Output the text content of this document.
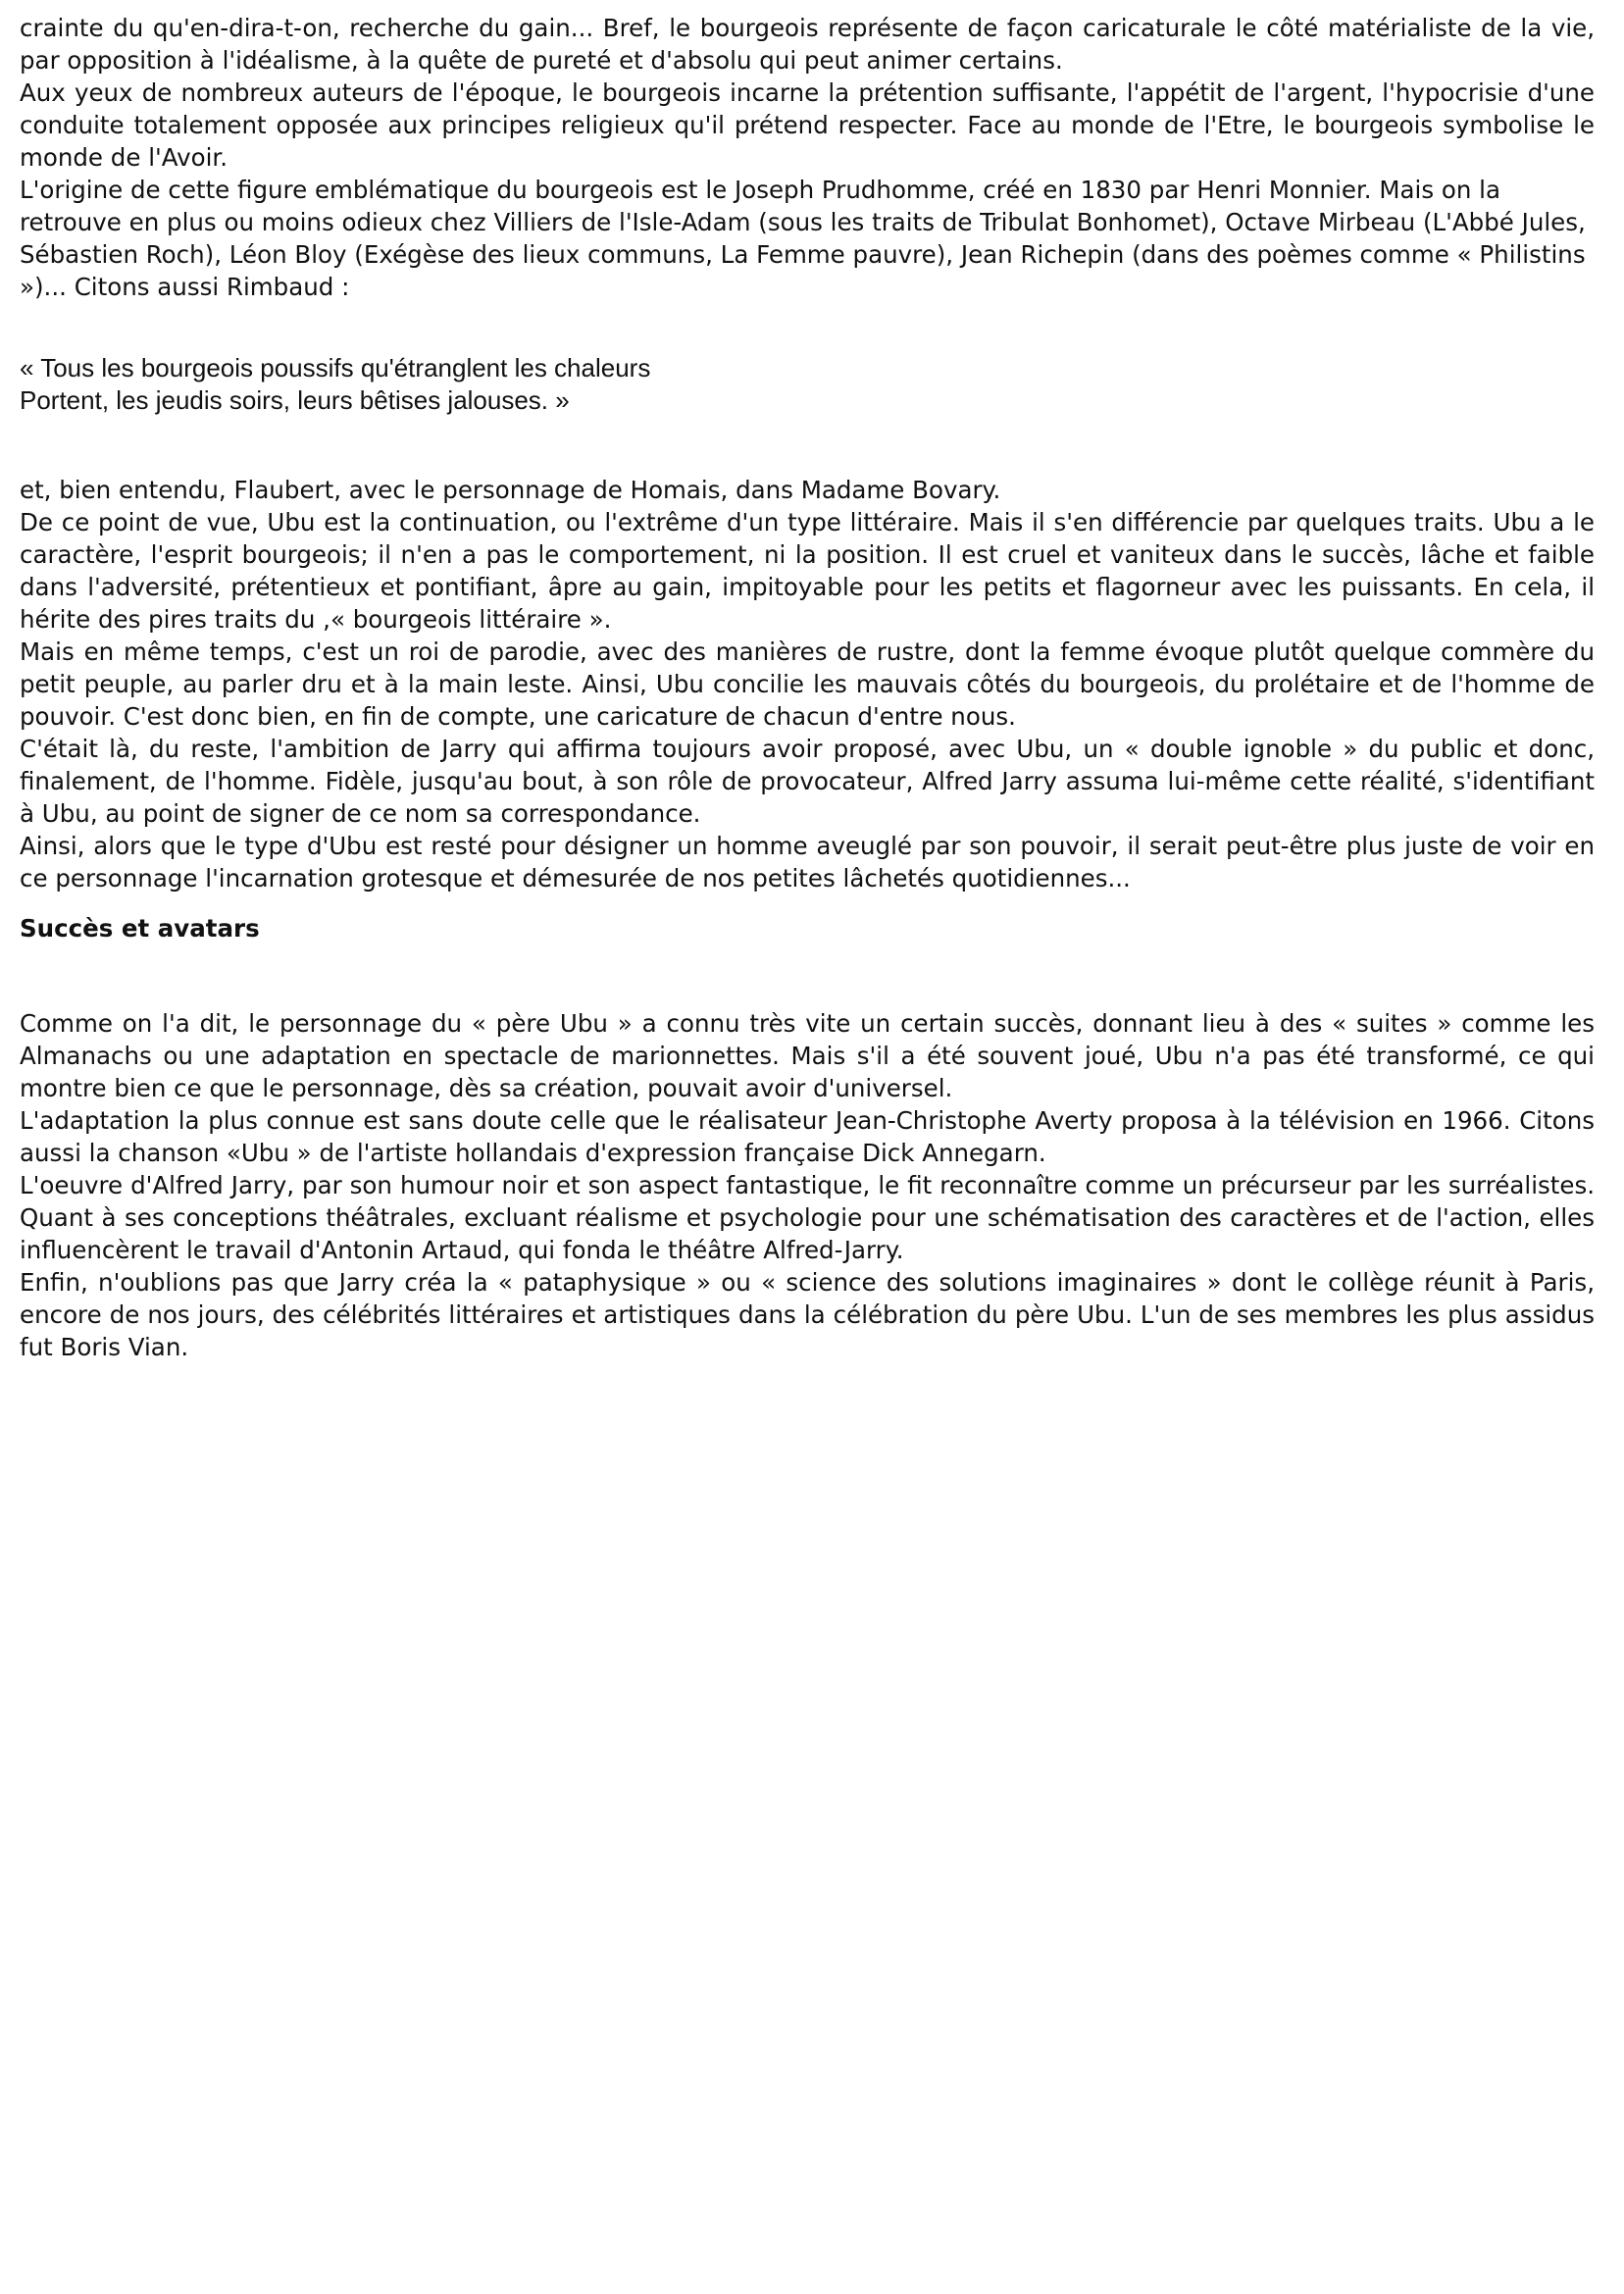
crainte du qu'en-dira-t-on, recherche du gain... Bref, le bourgeois représente de façon caricaturale le côté matérialiste de la vie, par opposition à l'idéalisme, à la quête de pureté et d'absolu qui peut animer certains.

Aux yeux de nombreux auteurs de l'époque, le bourgeois incarne la prétention suffisante, l'appétit de l'argent, l'hypocrisie d'une conduite totalement opposée aux principes religieux qu'il prétend respecter. Face au monde de l'Etre, le bourgeois symbolise le monde de l'Avoir.

L'origine de cette figure emblématique du bourgeois est le Joseph Prudhomme, créé en 1830 par Henri Monnier. Mais on la retrouve en plus ou moins odieux chez Villiers de l'Isle-Adam (sous les traits de Tribulat Bonhomet), Octave Mirbeau (L'Abbé Jules, Sébastien Roch), Léon Bloy (Exégèse des lieux communs, La Femme pauvre), Jean Richepin (dans des poèmes comme « Philistins »)... Citons aussi Rimbaud :

« Tous les bourgeois poussifs qu'étranglent les chaleurs

Portent, les jeudis soirs, leurs bêtises jalouses. »

et, bien entendu, Flaubert, avec le personnage de Homais, dans Madame Bovary.

De ce point de vue, Ubu est la continuation, ou l'extrême d'un type littéraire. Mais il s'en différencie par quelques traits. Ubu a le caractère, l'esprit bourgeois; il n'en a pas le comportement, ni la position. Il est cruel et vaniteux dans le succès, lâche et faible dans l'adversité, prétentieux et pontifiant, âpre au gain, impitoyable pour les petits et flagorneur avec les puissants. En cela, il hérite des pires traits du ,« bourgeois littéraire ».

Mais en même temps, c'est un roi de parodie, avec des manières de rustre, dont la femme évoque plutôt quelque commère du petit peuple, au parler dru et à la main leste. Ainsi, Ubu concilie les mauvais côtés du bourgeois, du prolétaire et de l'homme de pouvoir. C'est donc bien, en fin de compte, une caricature de chacun d'entre nous.

C'était là, du reste, l'ambition de Jarry qui affirma toujours avoir proposé, avec Ubu, un « double ignoble » du public et donc, finalement, de l'homme. Fidèle, jusqu'au bout, à son rôle de provocateur, Alfred Jarry assuma lui-même cette réalité, s'identifiant à Ubu, au point de signer de ce nom sa correspondance.

Ainsi, alors que le type d'Ubu est resté pour désigner un homme aveuglé par son pouvoir, il serait peut-être plus juste de voir en ce personnage l'incarnation grotesque et démesurée de nos petites lâchetés quotidiennes...

Succès et avatars

Comme on l'a dit, le personnage du « père Ubu » a connu très vite un certain succès, donnant lieu à des « suites » comme les Almanachs ou une adaptation en spectacle de marionnettes. Mais s'il a été souvent joué, Ubu n'a pas été transformé, ce qui montre bien ce que le personnage, dès sa création, pouvait avoir d'universel.

L'adaptation la plus connue est sans doute celle que le réalisateur Jean-Christophe Averty proposa à la télévision en 1966. Citons aussi la chanson «Ubu » de l'artiste hollandais d'expression française Dick Annegarn.

L'oeuvre d'Alfred Jarry, par son humour noir et son aspect fantastique, le fit reconnaître comme un précurseur par les surréalistes. Quant à ses conceptions théâtrales, excluant réalisme et psychologie pour une schématisation des caractères et de l'action, elles influencèrent le travail d'Antonin Artaud, qui fonda le théâtre Alfred-Jarry.

Enfin, n'oublions pas que Jarry créa la « pataphysique » ou « science des solutions imaginaires » dont le collège réunit à Paris, encore de nos jours, des célébrités littéraires et artistiques dans la célébration du père Ubu. L'un de ses membres les plus assidus fut Boris Vian.
